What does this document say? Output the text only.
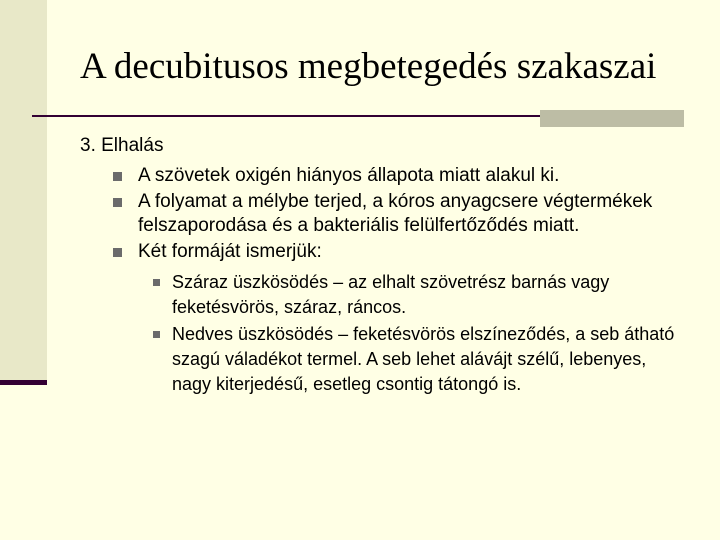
A decubitusos megbetegedés szakaszai
3. Elhalás
A szövetek oxigén hiányos állapota miatt alakul ki.
A folyamat a mélybe terjed, a kóros anyagcsere végtermékek felszaporodása és a bakteriális felülfertőződés miatt.
Két formáját ismerjük:
Száraz üszkösödés – az elhalt szövetrész barnás vagy feketésvörös, száraz, ráncos.
Nedves üszkösödés – feketésvörös elszíneződés, a seb átható szagú váladékot termel. A seb lehet alávájt szélű, lebenyes, nagy kiterjedésű, esetleg csontig tátongó is.
